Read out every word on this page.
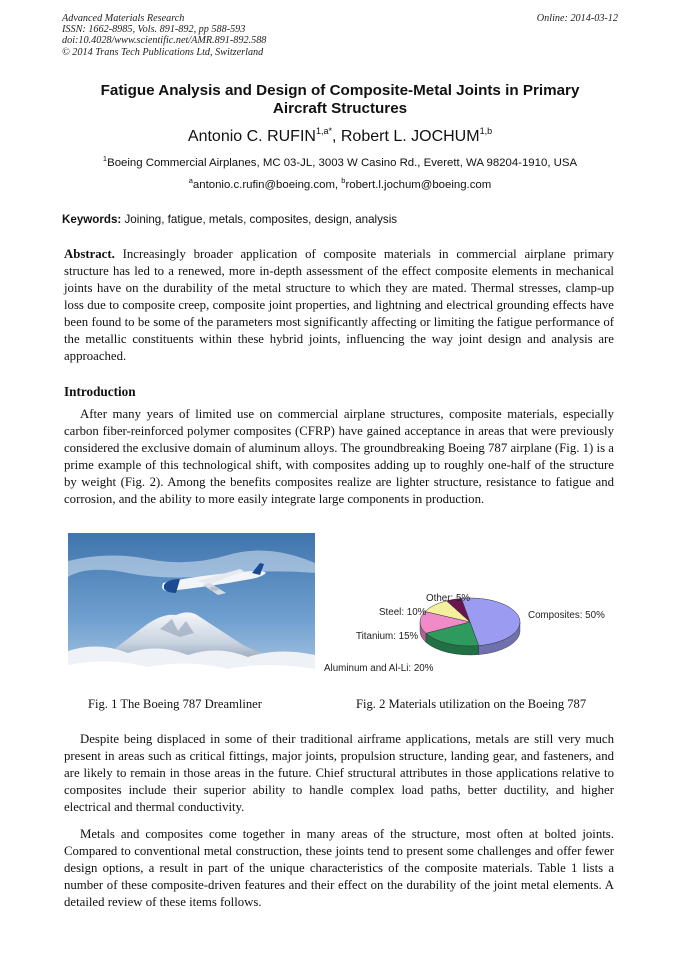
Advanced Materials Research
ISSN: 1662-8985, Vols. 891-892, pp 588-593
doi:10.4028/www.scientific.net/AMR.891-892.588
© 2014 Trans Tech Publications Ltd, Switzerland
Online: 2014-03-12
Fatigue Analysis and Design of Composite-Metal Joints in Primary
Aircraft Structures
Antonio C. $RUFIN^{1,a*}$, Robert L. JOCHUM$^{1,b}$
$^1$Boeing Commercial Airplanes, MC 03-JL, 3003 W Casino Rd., Everett, WA 98204-1910, USA
$^a$antonio.c.rufin@boeing.com, $^b$robert.l.jochum@boeing.com
Keywords: Joining, fatigue, metals, composites, design, analysis
Abstract. Increasingly broader application of composite materials in commercial airplane primary structure has led to a renewed, more in-depth assessment of the effect composite elements in mechanical joints have on the durability of the metal structure to which they are mated. Thermal stresses, clamp-up loss due to composite creep, composite joint properties, and lightning and electrical grounding effects have been found to be some of the parameters most significantly affecting or limiting the fatigue performance of the metallic constituents within these hybrid joints, influencing the way joint design and analysis are approached.
Introduction
After many years of limited use on commercial airplane structures, composite materials, especially carbon fiber-reinforced polymer composites (CFRP) have gained acceptance in areas that were previously considered the exclusive domain of aluminum alloys. The groundbreaking Boeing 787 airplane (Fig. 1) is a prime example of this technological shift, with composites adding up to roughly one-half of the structure by weight (Fig. 2). Among the benefits composites realize are lighter structure, resistance to fatigue and corrosion, and the ability to more easily integrate large components in production.
Other: 5%
Steel: 10%	Composites: 50%
Titanium: 15%
Aluminum and Al-Li: 20%
Fig. 1 The Boeing 787 Dreamliner	Fig. 2 Materials utilization on the Boeing 787
Despite being displaced in some of their traditional airframe applications, metals are still very much present in areas such as critical fittings, major joints, propulsion structure, landing gear, and fasteners, and are likely to remain in those areas in the future. Chief structural attributes in those applications relative to composites include their superior ability to handle complex load paths, better ductility, and higher electrical and thermal conductivity.
Metals and composites come together in many areas of the structure, most often at bolted joints. Compared to conventional metal construction, these joints tend to present some challenges and offer fewer design options, a result in part of the unique characteristics of the composite materials. Table 1 lists a number of these composite-driven features and their effect on the durability of the joint metal elements. A detailed review of these items follows.
